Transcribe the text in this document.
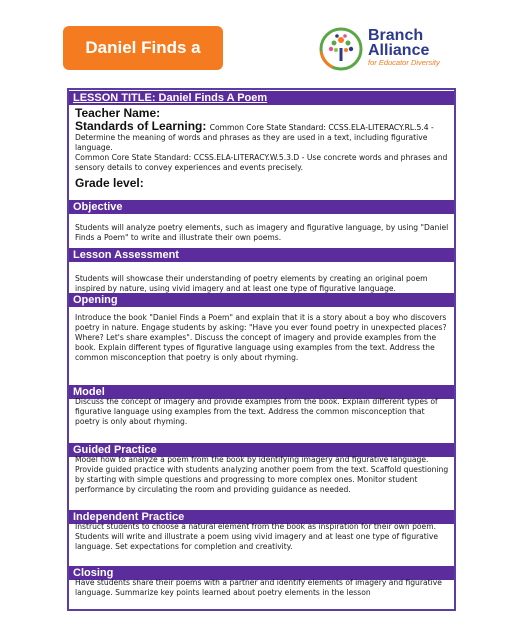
Daniel Finds a
Branch
Alliance
for Educator Diversity
LESSON TITLE: Daniel Finds A Poem
Teacher Name:
Standards of Learning: Common Core State Standard: CCSS.ELA-LITERACY.RL.5.4 -
Determine the meaning of words and phrases as they are used in a text, including figurative language.
Common Core State Standard: CCSS.ELA-LITERACY.W.5.3.D - Use concrete words and phrases and sensory details to convey experiences and events precisely.
Grade level:
Objective
Students will analyze poetry elements, such as imagery and figurative language, by using "Daniel Finds a Poem" to write and illustrate their own poems.
Lesson Assessment
Students will showcase their understanding of poetry elements by creating an original poem inspired by nature, using vivid imagery and at least one type of figurative language.
Opening
Introduce the book "Daniel Finds a Poem" and explain that it is a story about a boy who discovers poetry in nature. Engage students by asking: "Have you ever found poetry in unexpected places? Where? Let's share examples". Discuss the concept of imagery and provide examples from the book. Explain different types of figurative language using examples from the text. Address the common misconception that poetry is only about rhyming.
Model
Discuss the concept of imagery and provide examples from the book. Explain different types of figurative language using examples from the text. Address the common misconception that poetry is only about rhyming.
Guided Practice
Model how to analyze a poem from the book by identifying imagery and figurative language. Provide guided practice with students analyzing another poem from the text. Scaffold questioning by starting with simple questions and progressing to more complex ones. Monitor student performance by circulating the room and providing guidance as needed.
Independent Practice
Instruct students to choose a natural element from the book as inspiration for their own poem. Students will write and illustrate a poem using vivid imagery and at least one type of figurative language. Set expectations for completion and creativity.
Closing
Have students share their poems with a partner and identify elements of imagery and figurative language. Summarize key points learned about poetry elements in the lesson
